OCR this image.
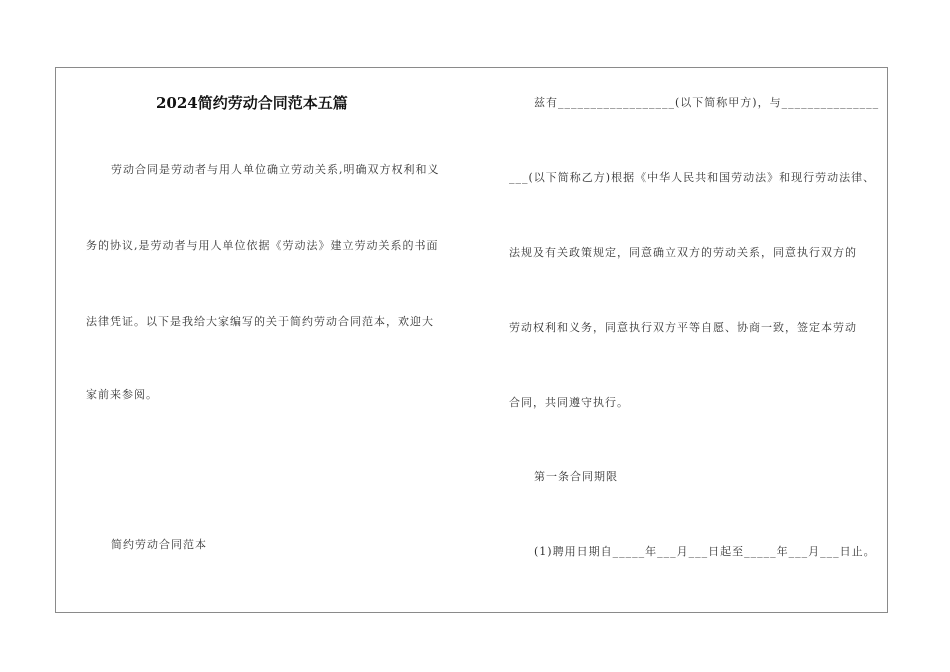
2024简约劳动合同范本五篇
劳动合同是劳动者与用人单位确立劳动关系,明确双方权利和义
务的协议,是劳动者与用人单位依据《劳动法》建立劳动关系的书面
法律凭证。以下是我给大家编写的关于简约劳动合同范本，欢迎大
家前来参阅。
简约劳动合同范本
兹有__________________(以下简称甲方)，与_______________
___(以下简称乙方)根据《中华人民共和国劳动法》和现行劳动法律、
法规及有关政策规定，同意确立双方的劳动关系，同意执行双方的
劳动权利和义务，同意执行双方平等自愿、协商一致，签定本劳动
合同，共同遵守执行。
第一条合同期限
(1)聘用日期自_____年___月___日起至_____年___月___日止。
